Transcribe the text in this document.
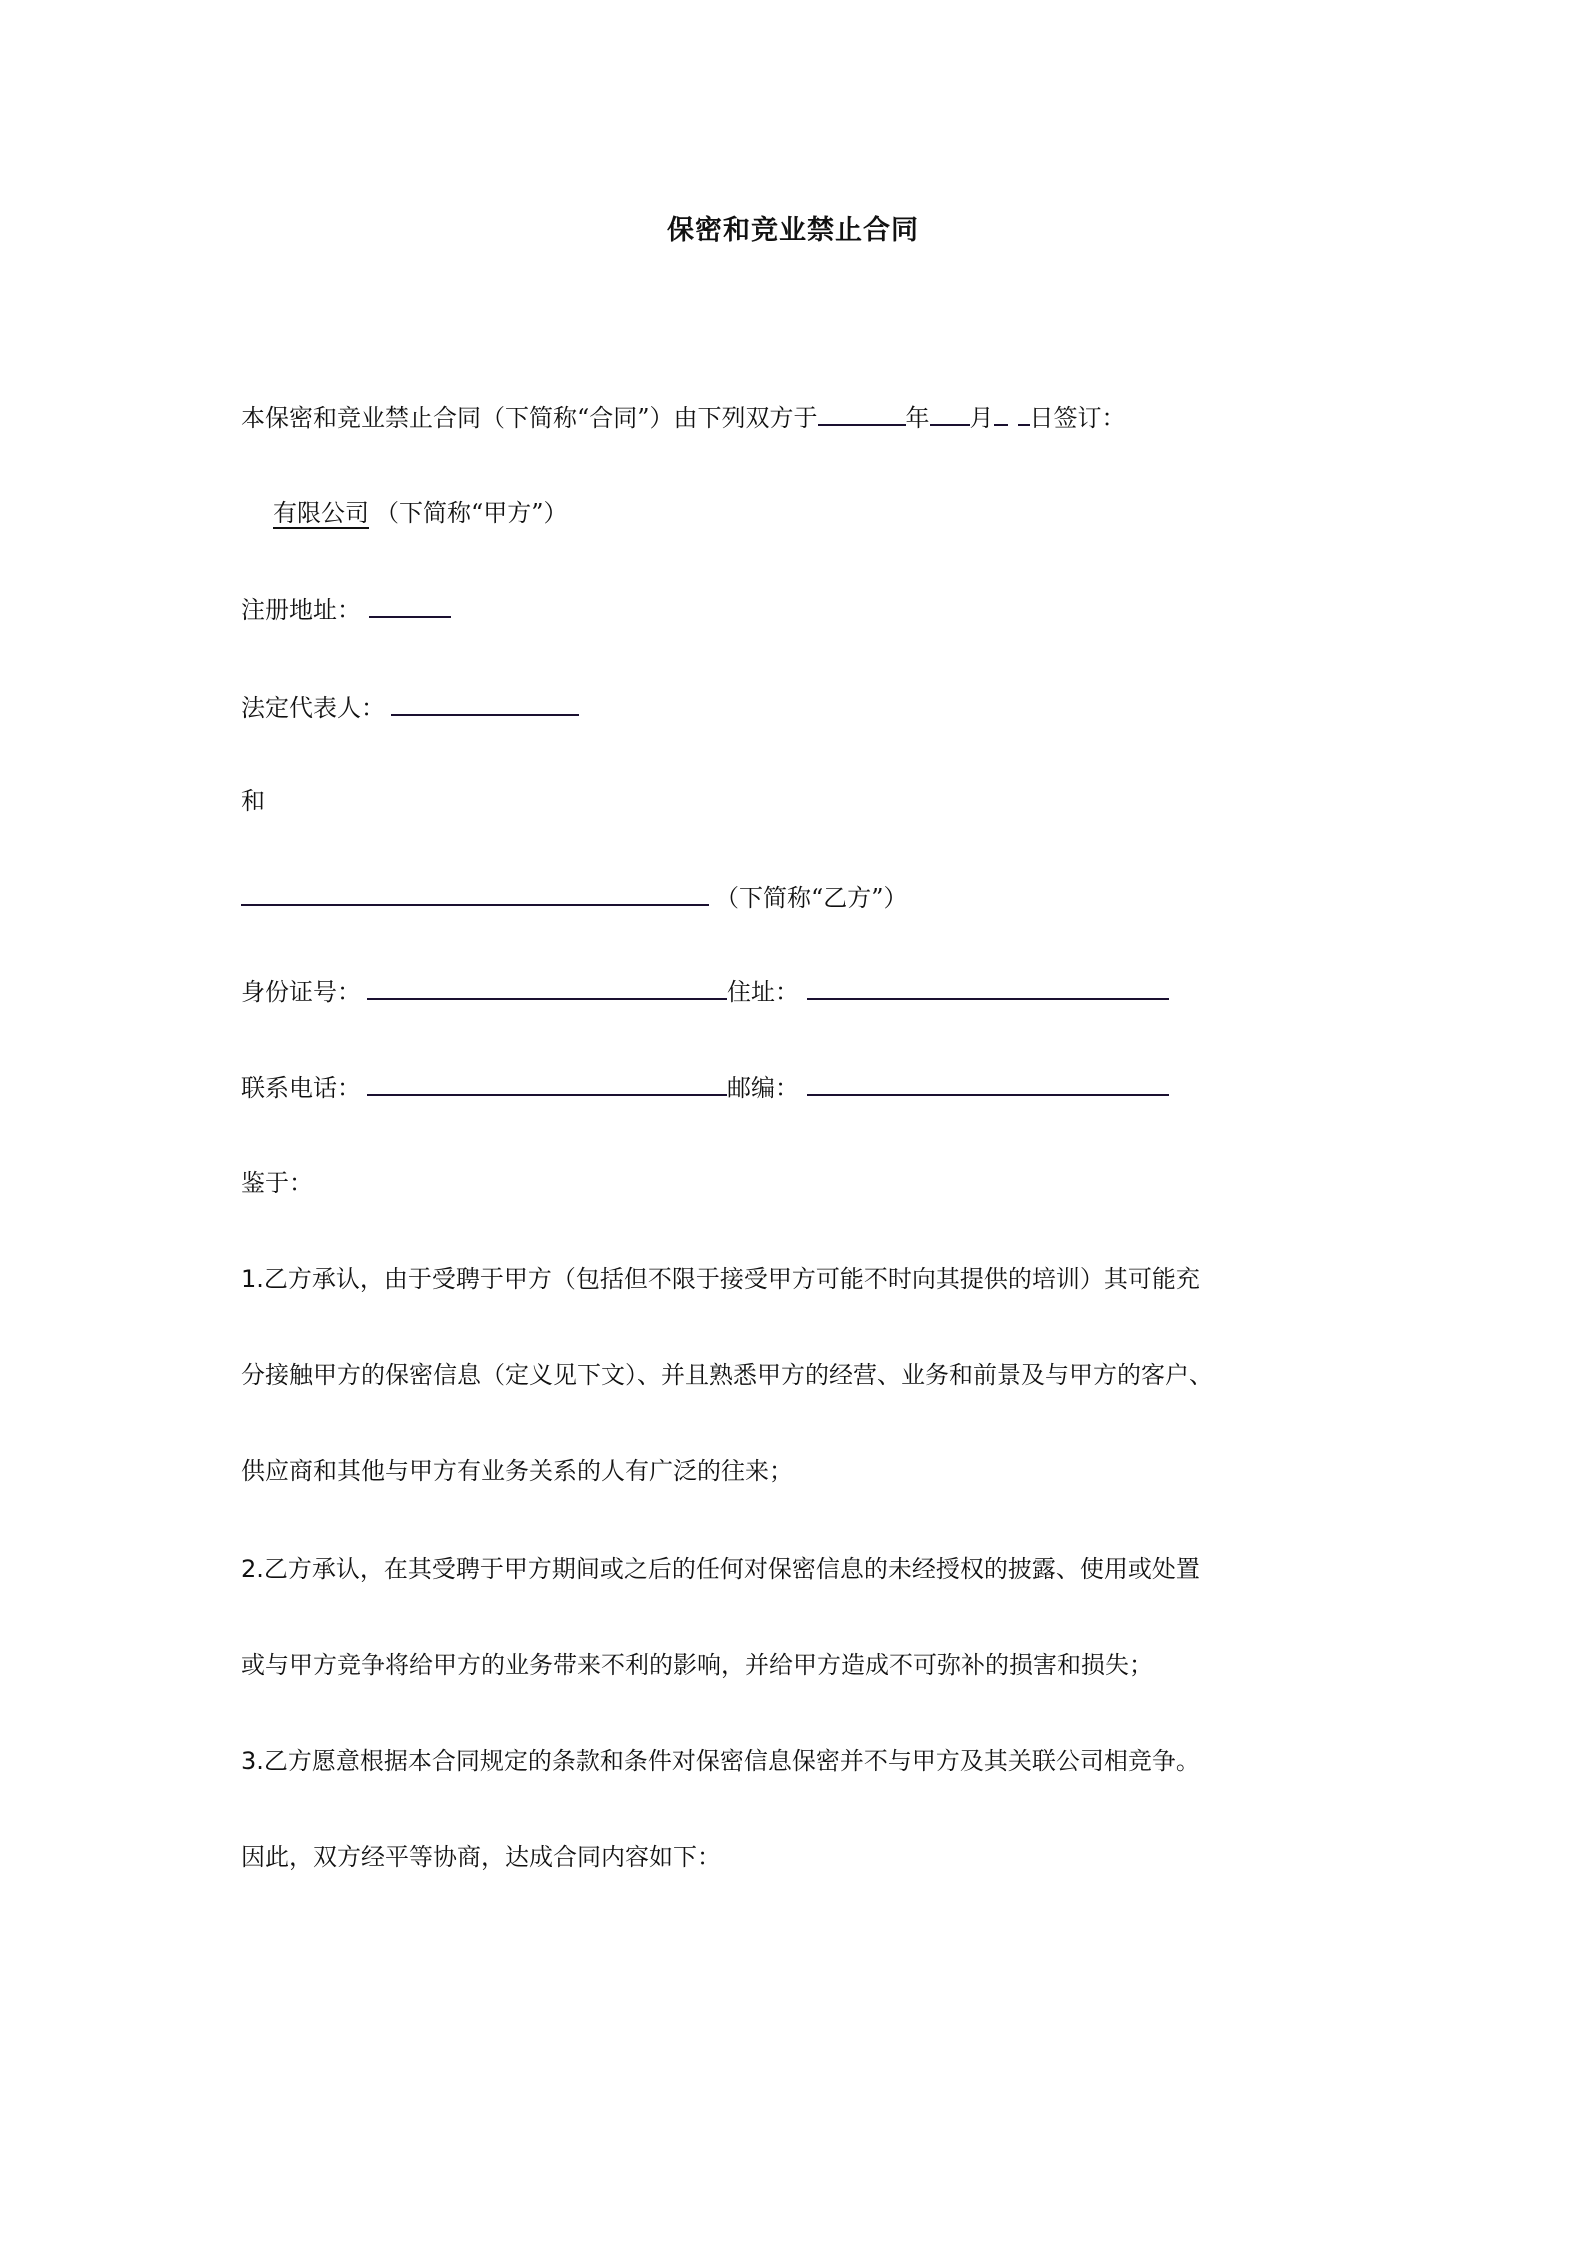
保密和竞业禁止合同
本保密和竞业禁止合同（下简称“合同”）由下列双方于	年 月 日签订：
有限公司 （下简称“甲方”）
注册地址：
法定代表人：
和
（下简称“乙方”）
身份证号：	住址：
联系电话：	邮编：
鉴于：
1.乙方承认，由于受聘于甲方（包括但不限于接受甲方可能不时向其提供的培训）其可能充
分接触甲方的保密信息（定义见下文）、并且熟悉甲方的经营、业务和前景及与甲方的客户、
供应商和其他与甲方有业务关系的人有广泛的往来；
2.乙方承认，在其受聘于甲方期间或之后的任何对保密信息的未经授权的披露、使用或处置
或与甲方竞争将给甲方的业务带来不利的影响，并给甲方造成不可弥补的损害和损失；
3.乙方愿意根据本合同规定的条款和条件对保密信息保密并不与甲方及其关联公司相竞争。
因此，双方经平等协商，达成合同内容如下：
